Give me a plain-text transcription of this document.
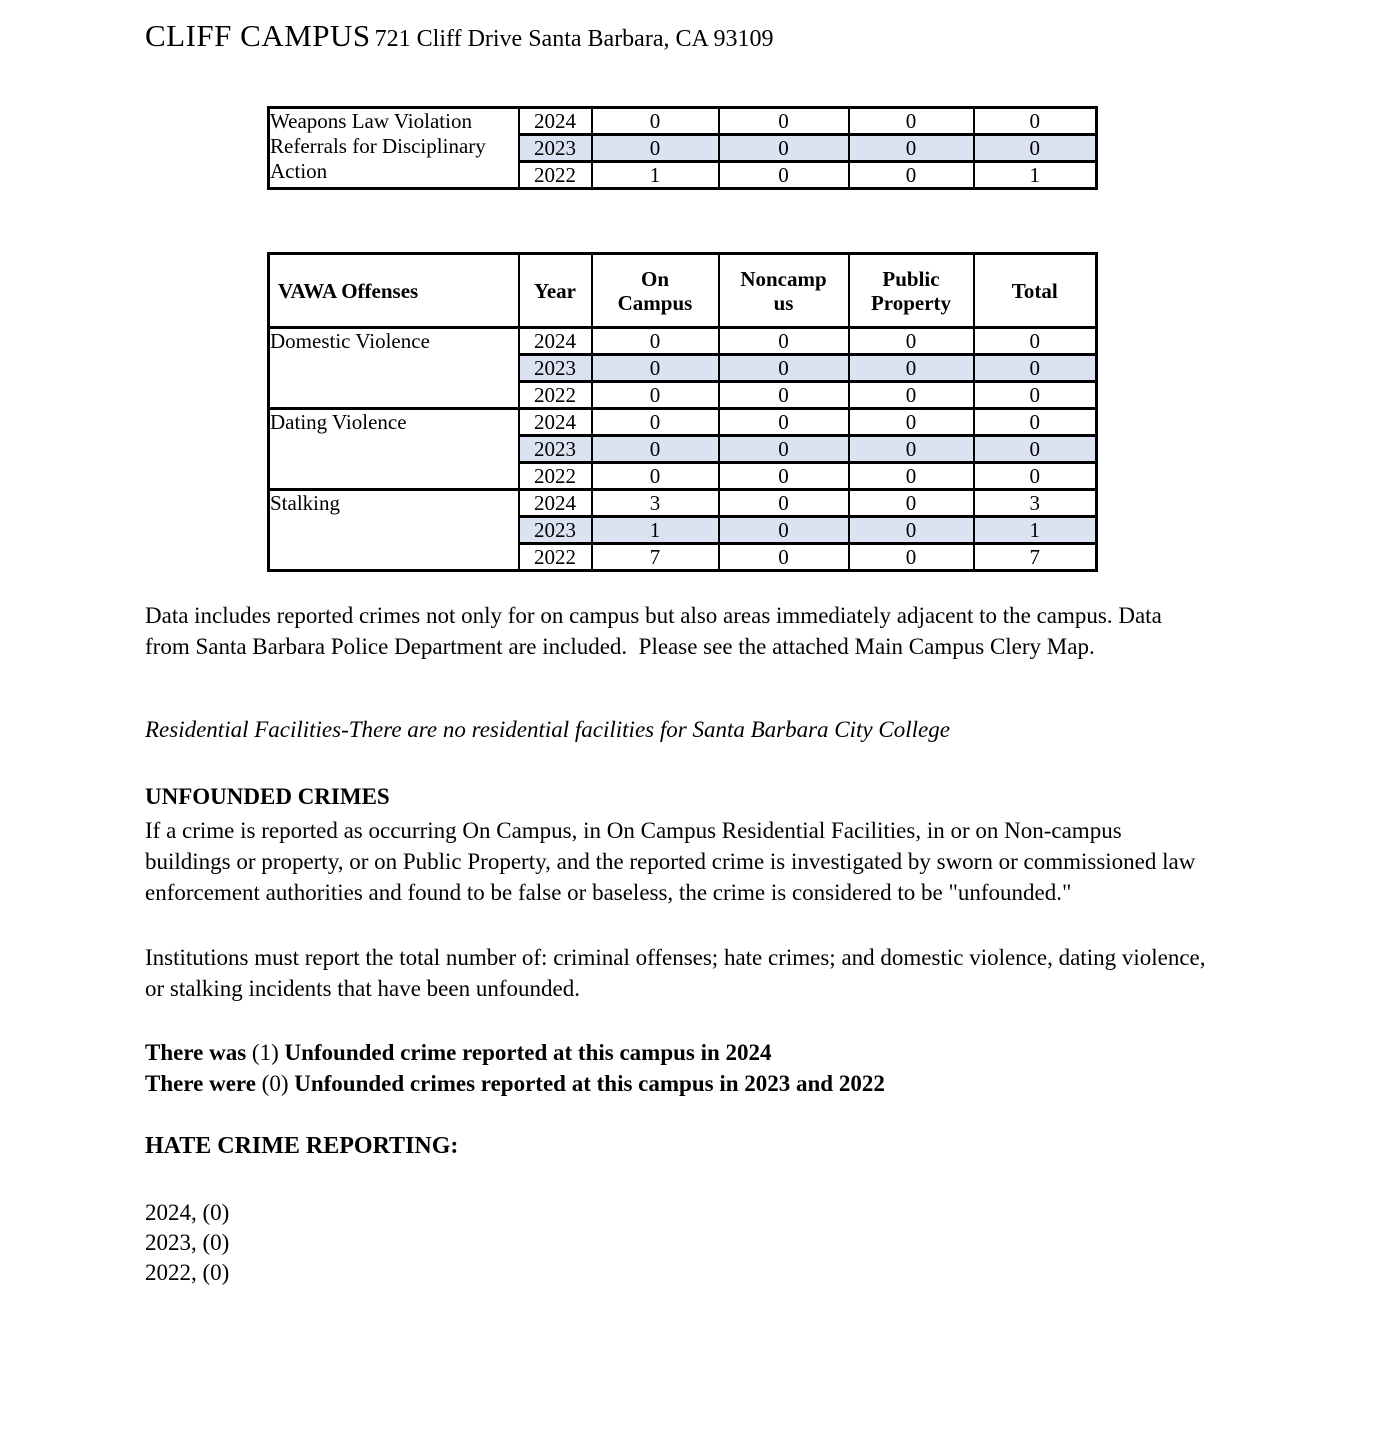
CLIFF CAMPUS 721 Cliff Drive Santa Barbara, CA 93109
Weapons Law Violation Referrals for Disciplinary Action	2024	0	0	0	0
	2023	0	0	0	0
	2022	1	0	0	1
VAWA Offenses	Year	On Campus	Noncampus	Public Property	Total
Domestic Violence	2024	0	0	0	0
	2023	0	0	0	0
	2022	0	0	0	0
Dating Violence	2024	0	0	0	0
	2023	0	0	0	0
	2022	0	0	0	0
Stalking	2024	3	0	0	3
	2023	1	0	0	1
	2022	7	0	0	7

Data includes reported crimes not only for on campus but also areas immediately adjacent to the campus. Data from Santa Barbara Police Department are included.  Please see the attached Main Campus Clery Map.

Residential Facilities-There are no residential facilities for Santa Barbara City College

UNFOUNDED CRIMES

If a crime is reported as occurring On Campus, in On Campus Residential Facilities, in or on Non-campus buildings or property, or on Public Property, and the reported crime is investigated by sworn or commissioned law enforcement authorities and found to be false or baseless, the crime is considered to be "unfounded."

Institutions must report the total number of: criminal offenses; hate crimes; and domestic violence, dating violence, or stalking incidents that have been unfounded.

There was (1) Unfounded crime reported at this campus in 2024

There were (0) Unfounded crimes reported at this campus in 2023 and 2022

HATE CRIME REPORTING:

2024, (0)

2023, (0)

2022, (0)
